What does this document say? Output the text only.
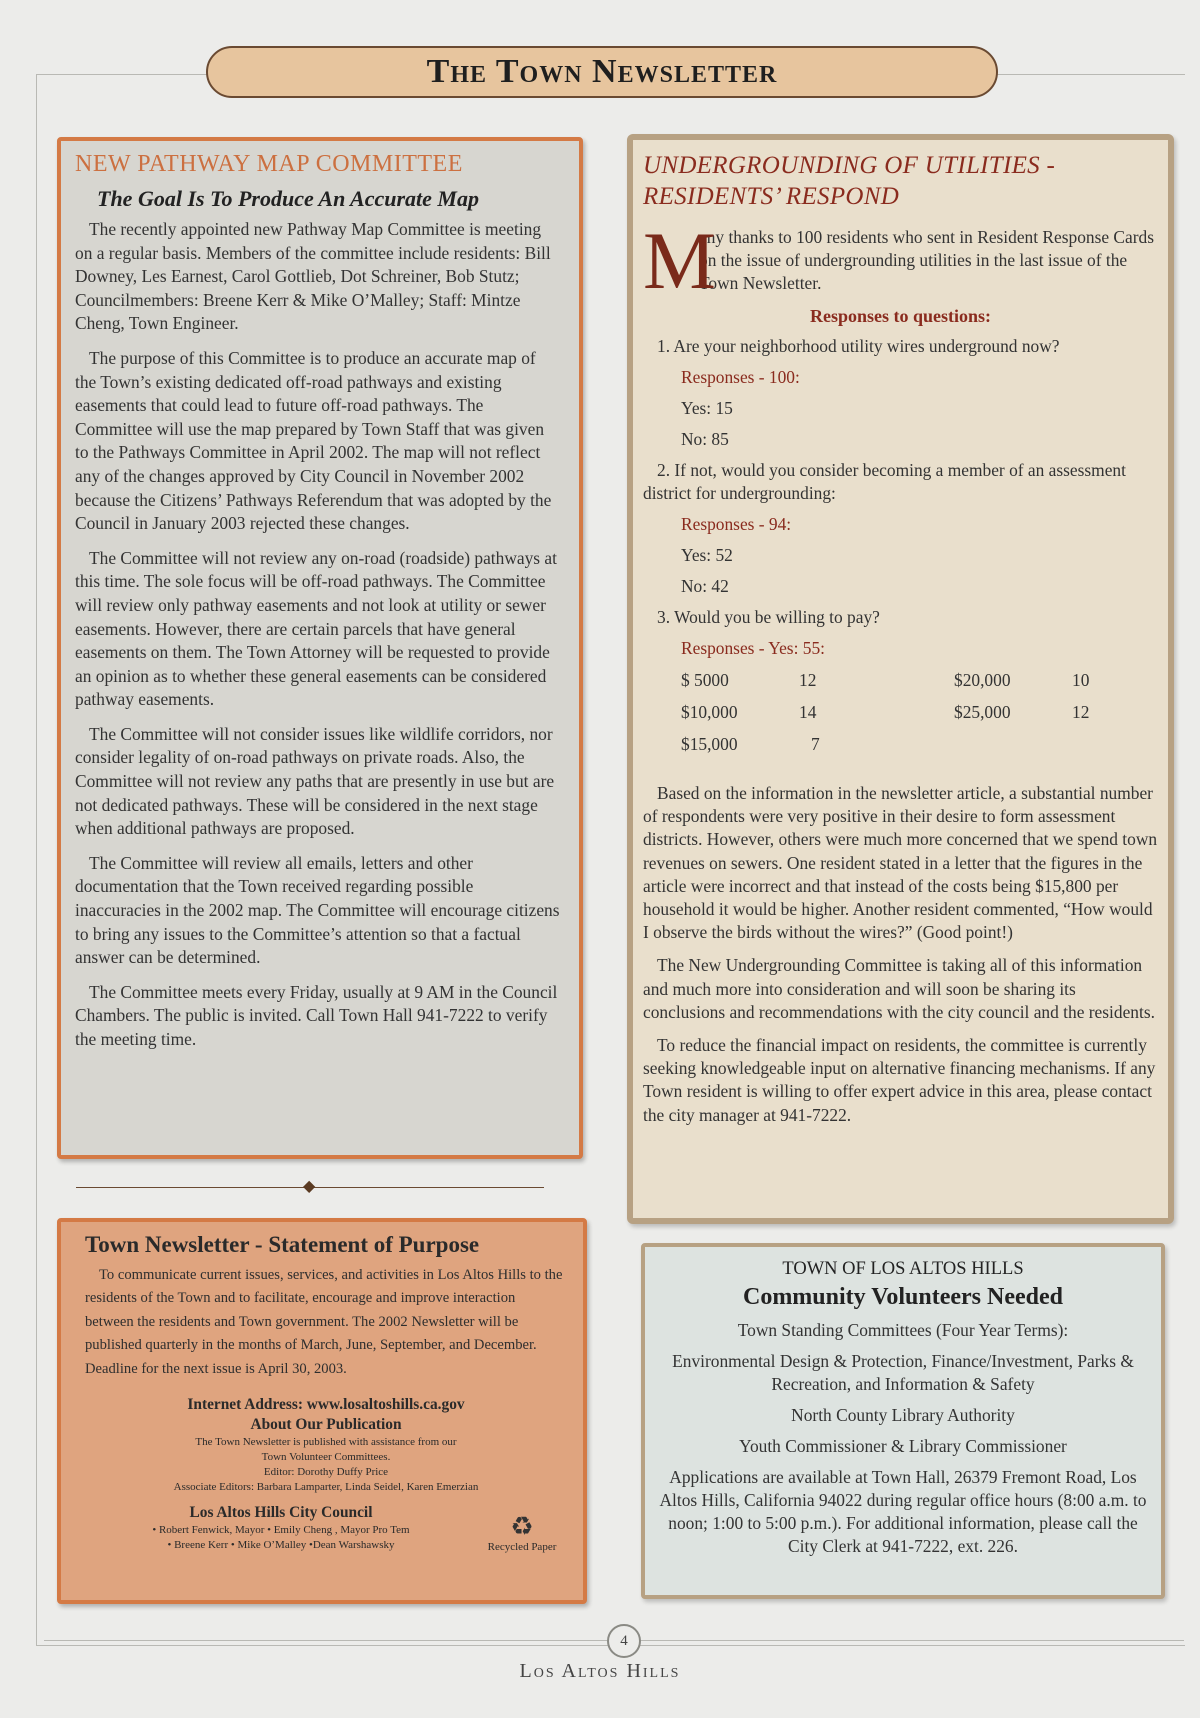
The Town Newsletter
NEW PATHWAY MAP COMMITTEE
The Goal Is To Produce An Accurate Map

The recently appointed new Pathway Map Committee is meeting on a regular basis. Members of the committee include residents: Bill Downey, Les Earnest, Carol Gottlieb, Dot Schreiner, Bob Stutz; Councilmembers: Breene Kerr & Mike O’Malley; Staff: Mintze Cheng, Town Engineer.

The purpose of this Committee is to produce an accurate map of the Town’s existing dedicated off-road pathways and existing easements that could lead to future off-road pathways. The Committee will use the map prepared by Town Staff that was given to the Pathways Committee in April 2002. The map will not reflect any of the changes approved by City Council in November 2002 because the Citizens’ Pathways Referendum that was adopted by the Council in January 2003 rejected these changes.

The Committee will not review any on-road (roadside) pathways at this time. The sole focus will be off-road pathways. The Committee will review only pathway easements and not look at utility or sewer easements. However, there are certain parcels that have general easements on them. The Town Attorney will be requested to provide an opinion as to whether these general easements can be considered pathway easements.

The Committee will not consider issues like wildlife corridors, nor consider legality of on-road pathways on private roads. Also, the Committee will not review any paths that are presently in use but are not dedicated pathways. These will be considered in the next stage when additional pathways are proposed.

The Committee will review all emails, letters and other documentation that the Town received regarding possible inaccuracies in the 2002 map. The Committee will encourage citizens to bring any issues to the Committee’s attention so that a factual answer can be determined.

The Committee meets every Friday, usually at 9 AM in the Council Chambers. The public is invited. Call Town Hall 941-7222 to verify the meeting time.

UNDERGROUNDING OF UTILITIES -
RESIDENTS’ RESPOND
M

any thanks to 100 residents who sent in Resident Response Cards on the issue of undergrounding utilities in the last issue of the Town Newsletter.

Responses to questions:

1. Are your neighborhood utility wires underground now?

Responses - 100:

Yes: 15

No: 85

2. If not, would you consider becoming a member of an assessment district for undergrounding:

Responses - 94:

Yes: 52

No: 42

3. Would you be willing to pay?

Responses - Yes: 55:

$ 5000	12	$20,000	10
$10,000	14	$25,000	12
$15,000	7

Based on the information in the newsletter article, a substantial number of respondents were very positive in their desire to form assessment districts. However, others were much more concerned that we spend town revenues on sewers. One resident stated in a letter that the figures in the article were incorrect and that instead of the costs being $15,800 per household it would be higher. Another resident commented, “How would I observe the birds without the wires?” (Good point!)

The New Undergrounding Committee is taking all of this information and much more into consideration and will soon be sharing its conclusions and recommendations with the city council and the residents.

To reduce the financial impact on residents, the committee is currently seeking knowledgeable input on alternative financing mechanisms. If any Town resident is willing to offer expert advice in this area, please contact the city manager at 941-7222.

◆
Town Newsletter - Statement of Purpose

To communicate current issues, services, and activities in Los Altos Hills to the residents of the Town and to facilitate, encourage and improve interaction between the residents and Town government. The 2002 Newsletter will be published quarterly in the months of March, June, September, and December. Deadline for the next issue is April 30, 2003.

Internet Address: www.losaltoshills.ca.gov

About Our Publication

The Town Newsletter is published with assistance from our

Town Volunteer Committees.

Editor: Dorothy Duffy Price

Associate Editors: Barbara Lamparter, Linda Seidel, Karen Emerzian

Los Altos Hills City Council

• Robert Fenwick, Mayor • Emily Cheng , Mayor Pro Tem

• Breene Kerr • Mike O’Malley •Dean Warshawsky

♻
Recycled Paper

TOWN OF LOS ALTOS HILLS

Community Volunteers Needed

Town Standing Committees (Four Year Terms):

Environmental Design & Protection, Finance/Investment, Parks & Recreation, and Information & Safety

North County Library Authority

Youth Commissioner & Library Commissioner

Applications are available at Town Hall, 26379 Fremont Road, Los Altos Hills, California 94022 during regular office hours (8:00 a.m. to noon; 1:00 to 5:00 p.m.). For additional information, please call the City Clerk at 941-7222, ext. 226.

4
Los Altos Hills
